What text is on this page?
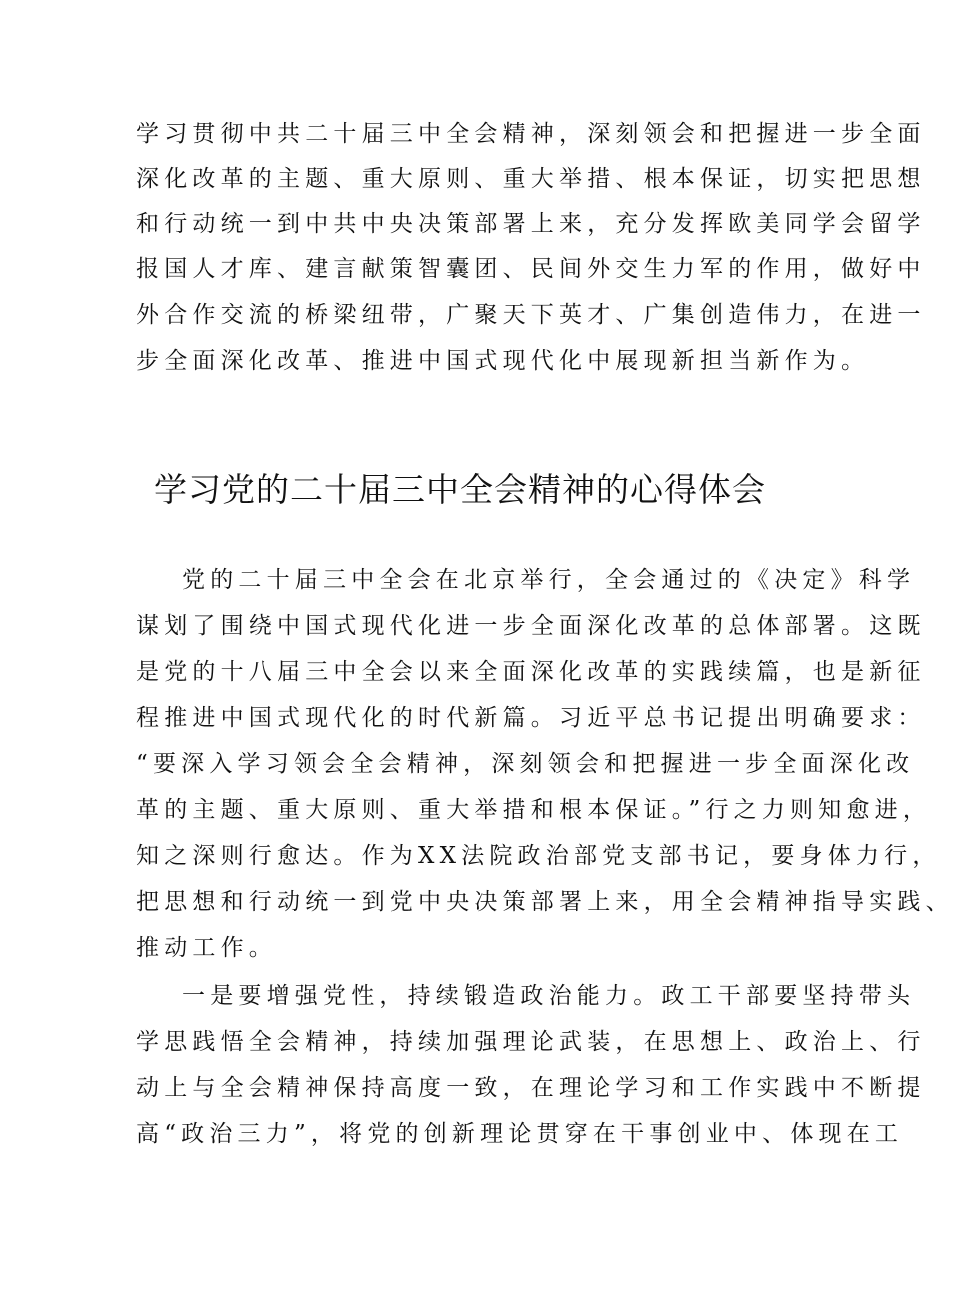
学习贯彻中共二十届三中全会精神，深刻领会和把握进一步全面

深化改革的主题、重大原则、重大举措、根本保证，切实把思想

和行动统一到中共中央决策部署上来，充分发挥欧美同学会留学

报国人才库、建言献策智囊团、民间外交生力军的作用，做好中

外合作交流的桥梁纽带，广聚天下英才、广集创造伟力，在进一

步全面深化改革、推进中国式现代化中展现新担当新作为。

学习党的二十届三中全会精神的心得体会

党的二十届三中全会在北京举行，全会通过的《决定》科学

谋划了围绕中国式现代化进一步全面深化改革的总体部署。这既

是党的十八届三中全会以来全面深化改革的实践续篇，也是新征

程推进中国式现代化的时代新篇。习近平总书记提出明确要求：

“要深入学习领会全会精神，深刻领会和把握进一步全面深化改

革的主题、重大原则、重大举措和根本保证。”行之力则知愈进，

知之深则行愈达。作为XX法院政治部党支部书记，要身体力行，

把思想和行动统一到党中央决策部署上来，用全会精神指导实践、

推动工作。

一是要增强党性，持续锻造政治能力。政工干部要坚持带头

学思践悟全会精神，持续加强理论武装，在思想上、政治上、行

动上与全会精神保持高度一致，在理论学习和工作实践中不断提

高“政治三力”，将党的创新理论贯穿在干事创业中、体现在工
